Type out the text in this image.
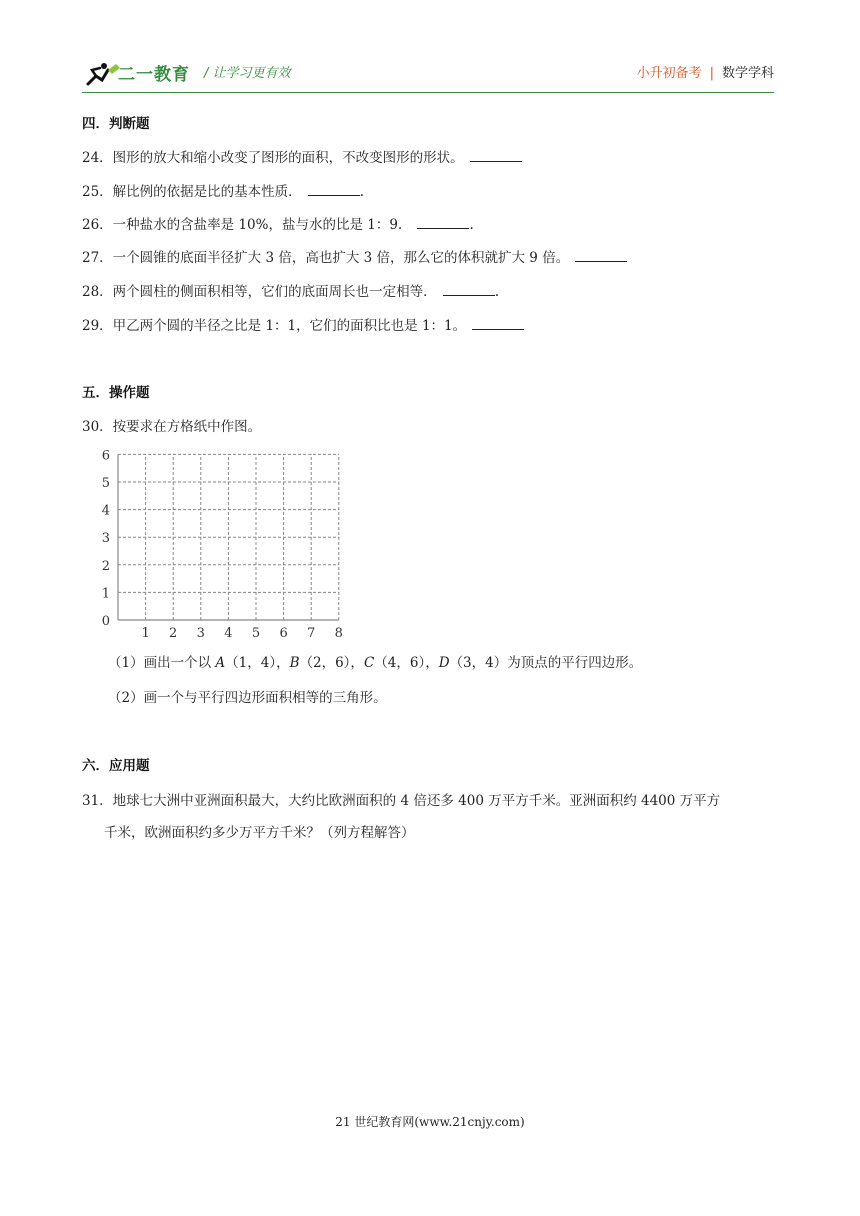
二一教育 / 让学习更有效	小升初备考 | 数学学科
四．判断题
24．图形的放大和缩小改变了图形的面积，不改变图形的形状。
25．解比例的依据是比的基本性质．	.
26．一种盐水的含盐率是 10%，盐与水的比是 1：9．	.
27．一个圆锥的底面半径扩大 3 倍，高也扩大 3 倍，那么它的体积就扩大 9 倍。
28．两个圆柱的侧面积相等，它们的底面周长也一定相等．	.
29．甲乙两个圆的半径之比是 1：1，它们的面积比也是 1：1。
五．操作题
30．按要求在方格纸中作图。
1 2 3 4 5 6 7 8
0
1
2
3
4
5
6
（1）画出一个以 A（1，4），B（2，6），C（4，6），D（3，4）为顶点的平行四边形。
（2）画一个与平行四边形面积相等的三角形。
六．应用题
31．地球七大洲中亚洲面积最大，大约比欧洲面积的 4 倍还多 400 万平方千米。亚洲面积约 4400 万平方
千米，欧洲面积约多少万平方千米？（列方程解答）
21 世纪教育网(www.21cnjy.com)
